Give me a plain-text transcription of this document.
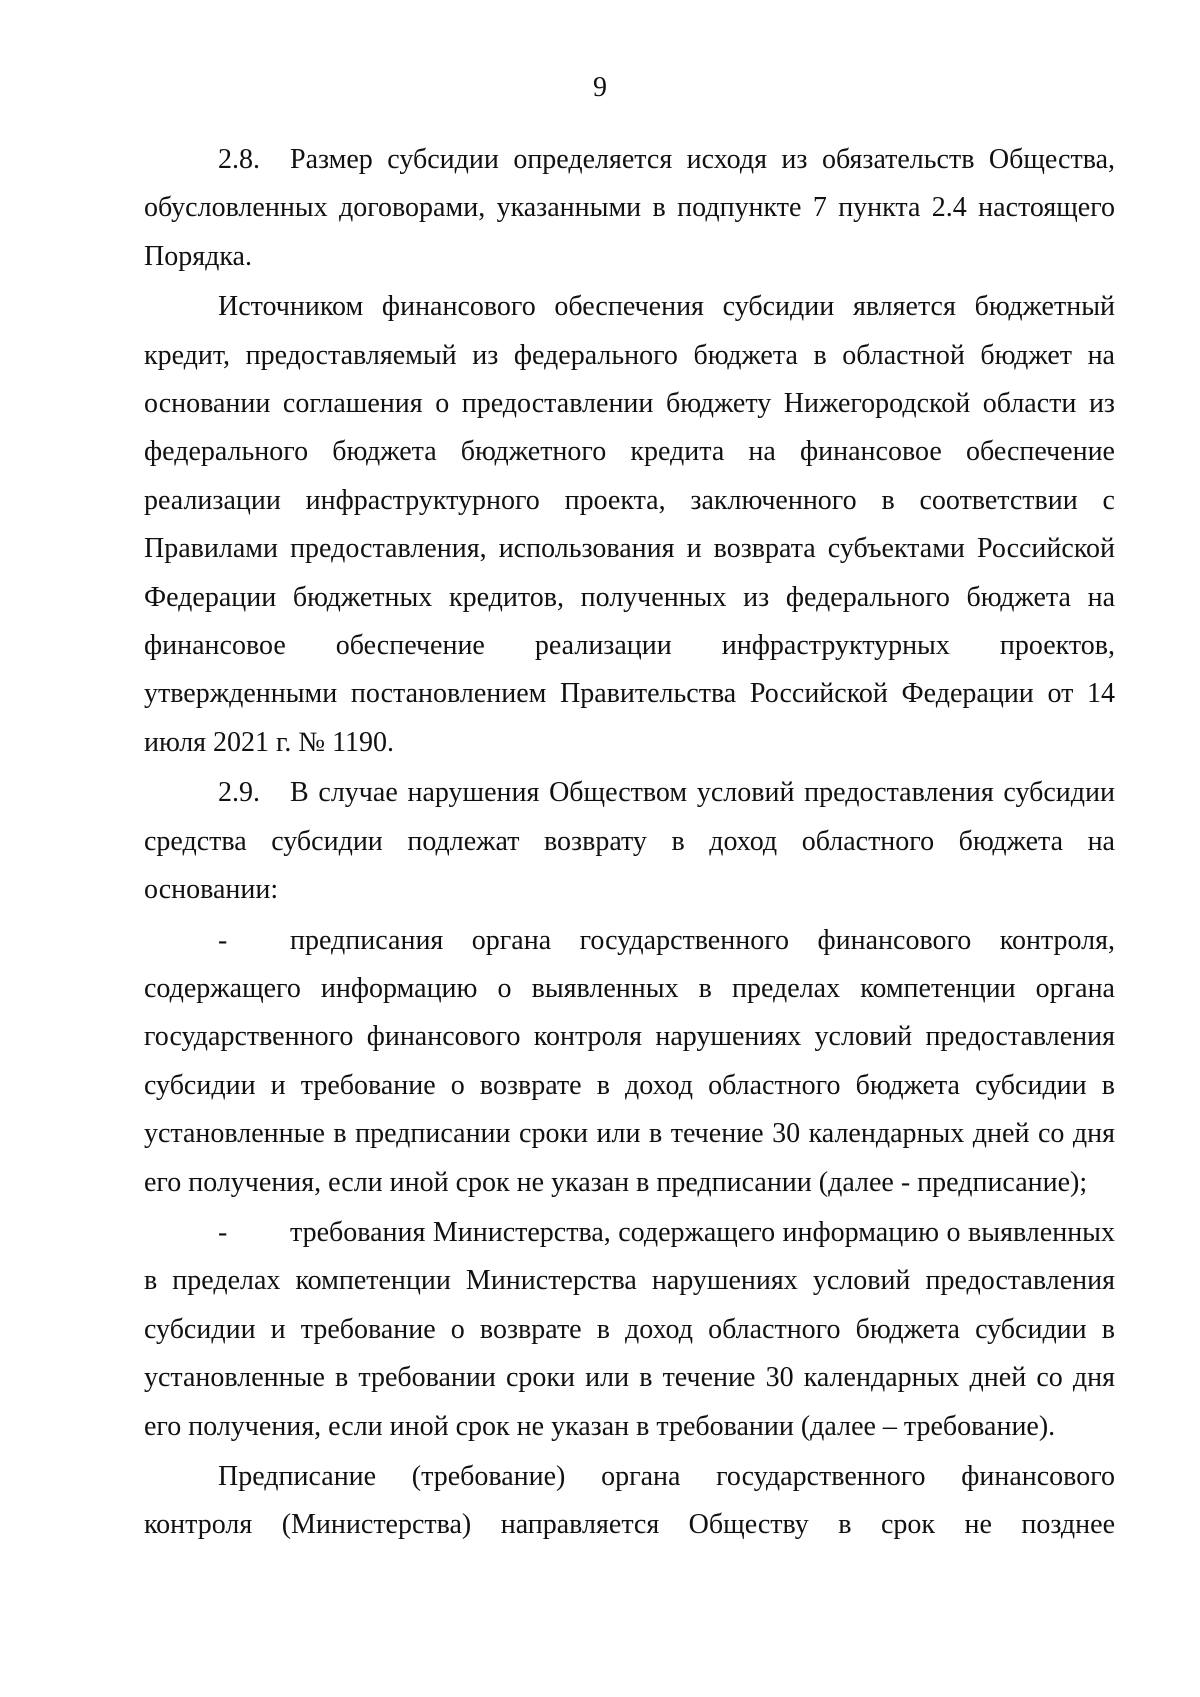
9

2.8. Размер субсидии определяется исходя из обязательств Общества, обусловленных договорами, указанными в подпункте 7 пункта 2.4 настоящего Порядка.

Источником финансового обеспечения субсидии является бюджетный кредит, предоставляемый из федерального бюджета в областной бюджет на основании соглашения о предоставлении бюджету Нижегородской области из федерального бюджета бюджетного кредита на финансовое обеспечение реализации инфраструктурного проекта, заключенного в соответствии с Правилами предоставления, использования и возврата субъектами Российской Федерации бюджетных кредитов, полученных из федерального бюджета на финансовое обеспечение реализации инфраструктурных проектов, утвержденными постановлением Правительства Российской Федерации от 14 июля 2021 г. № 1190.

2.9. В случае нарушения Обществом условий предоставления субсидии средства субсидии подлежат возврату в доход областного бюджета на основании:

- предписания органа государственного финансового контроля, содержащего информацию о выявленных в пределах компетенции органа государственного финансового контроля нарушениях условий предоставления субсидии и требование о возврате в доход областного бюджета субсидии в установленные в предписании сроки или в течение 30 календарных дней со дня его получения, если иной срок не указан в предписании (далее - предписание);

- требования Министерства, содержащего информацию о выявленных в пределах компетенции Министерства нарушениях условий предоставления субсидии и требование о возврате в доход областного бюджета субсидии в установленные в требовании сроки или в течение 30 календарных дней со дня его получения, если иной срок не указан в требовании (далее – требование).

Предписание (требование) органа государственного финансового контроля (Министерства) направляется Обществу в срок не позднее
